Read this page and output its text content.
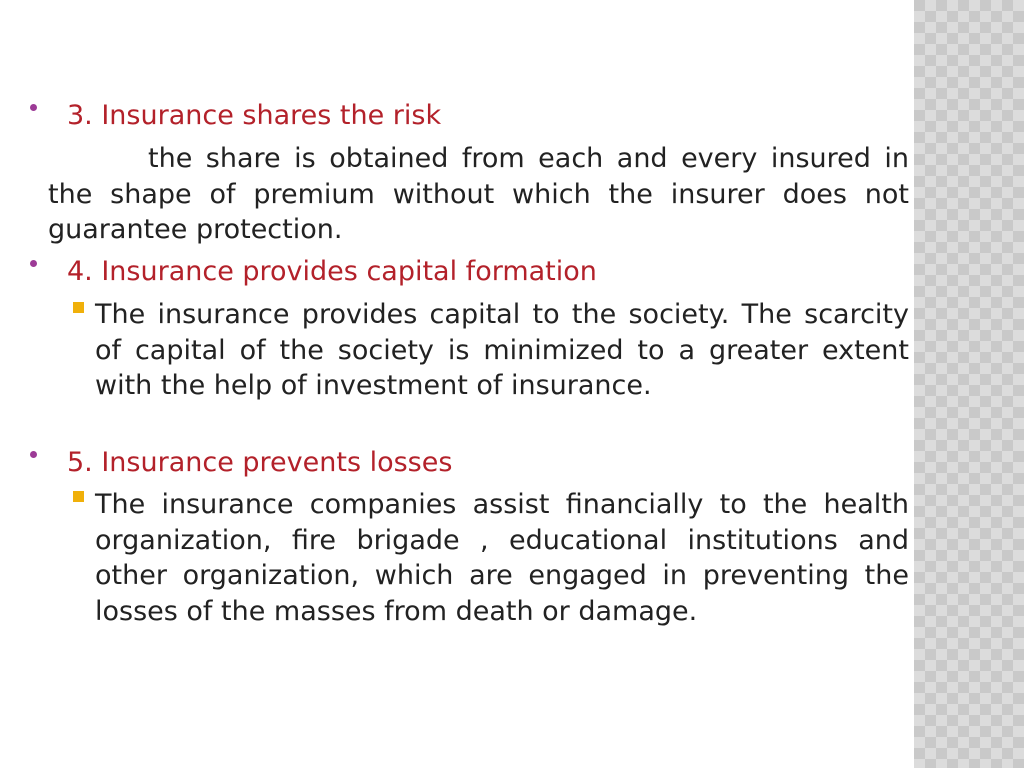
3. Insurance shares the risk
the share is obtained from each and every insured in the shape of premium without which the insurer does not guarantee protection.
4. Insurance provides capital formation
The insurance provides capital to the society. The scarcity of capital of the society is minimized to a greater extent with the help of investment of insurance.
5. Insurance prevents losses
The insurance companies assist financially to the health organization, fire brigade , educational institutions and other organization, which are engaged in preventing the losses of the masses from death or damage.
